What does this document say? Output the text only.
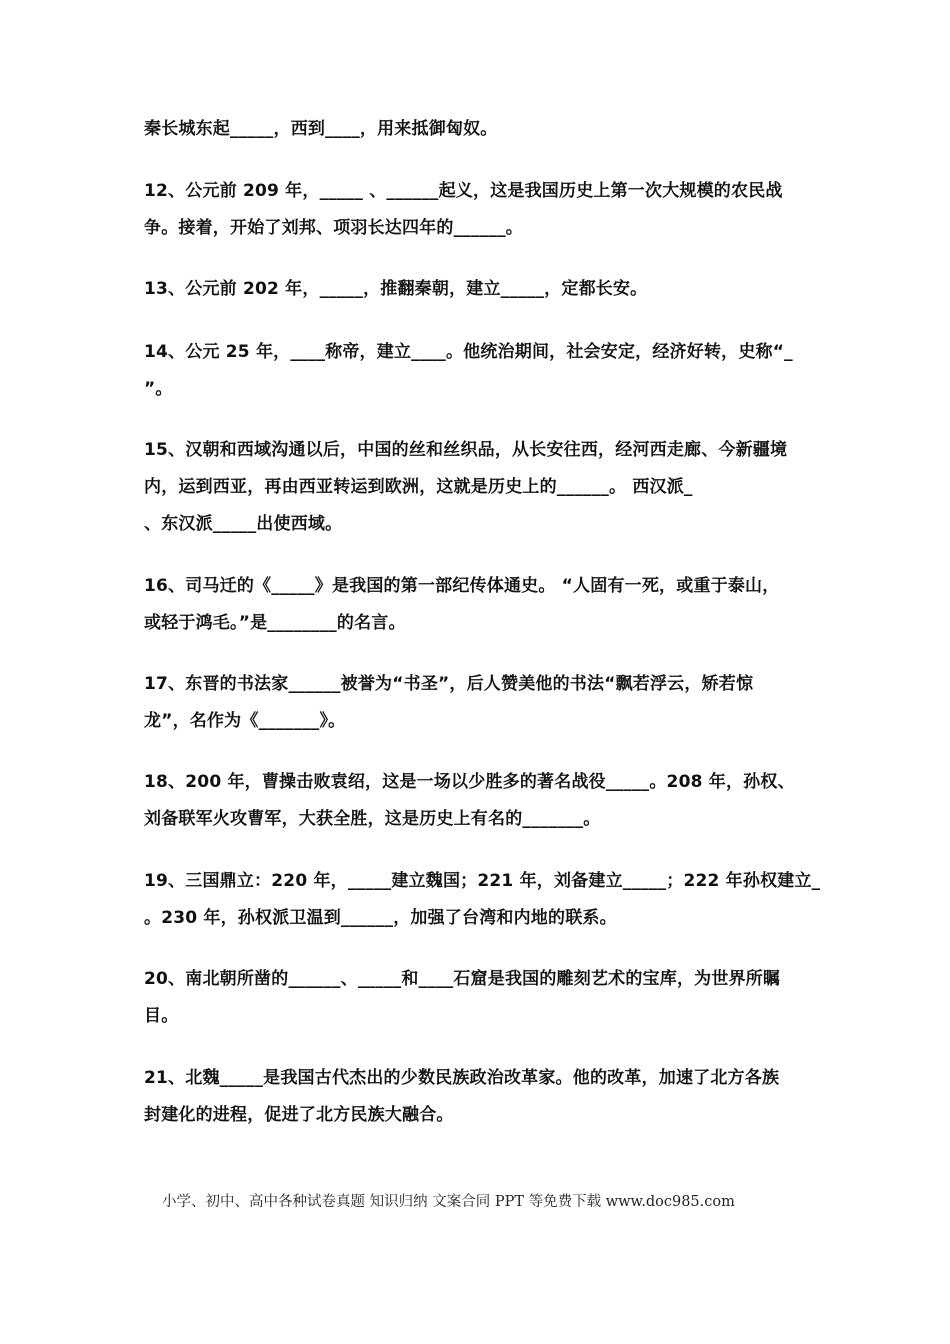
秦长城东起_____，西到____，用来抵御匈奴。
12、公元前 209 年，_____ 、______起义，这是我国历史上第一次大规模的农民战
争。接着，开始了刘邦、项羽长达四年的______。
13、公元前 202 年，_____，推翻秦朝，建立_____，定都长安。
14、公元 25 年，____称帝，建立____。他统治期间，社会安定，经济好转，史称“_
”。
15、汉朝和西域沟通以后，中国的丝和丝织品，从长安往西，经河西走廊、今新疆境
内，运到西亚，再由西亚转运到欧洲，这就是历史上的______。 西汉派_
、东汉派_____出使西域。
16、司马迁的《_____》是我国的第一部纪传体通史。 “人固有一死，或重于泰山，
或轻于鸿毛。”是________的名言。
17、东晋的书法家______被誉为“书圣”，后人赞美他的书法“飘若浮云，矫若惊
龙”，名作为《_______》。
18、200 年，曹操击败袁绍，这是一场以少胜多的著名战役_____。208 年，孙权、
刘备联军火攻曹军，大获全胜，这是历史上有名的_______。
19、三国鼎立：220 年，_____建立魏国；221 年，刘备建立_____；222 年孙权建立_
。230 年，孙权派卫温到______，加强了台湾和内地的联系。
20、南北朝所凿的______、_____和____石窟是我国的雕刻艺术的宝库，为世界所瞩
目。
21、北魏_____是我国古代杰出的少数民族政治改革家。他的改革，加速了北方各族
封建化的进程，促进了北方民族大融合。
小学、初中、高中各种试卷真题 知识归纳 文案合同 PPT 等免费下载 www.doc985.com
